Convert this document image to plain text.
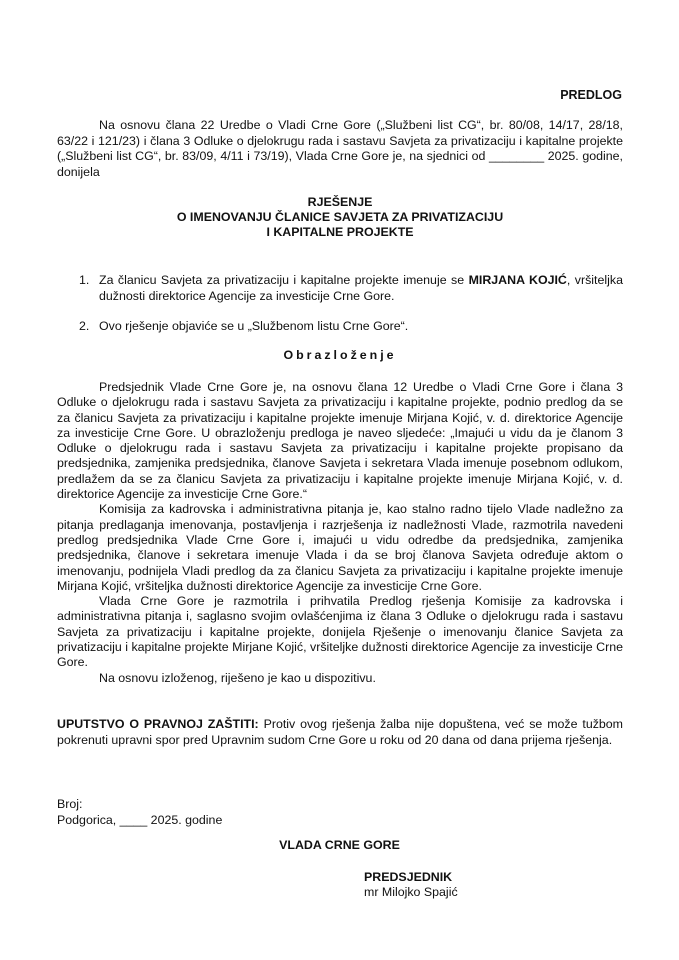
PREDLOG
Na osnovu člana 22 Uredbe o Vladi Crne Gore („Službeni list CG“, br. 80/08, 14/17, 28/18, 63/22 i 121/23) i člana 3 Odluke o djelokrugu rada i sastavu Savjeta za privatizaciju i kapitalne projekte („Službeni list CG“, br. 83/09, 4/11 i 73/19), Vlada Crne Gore je, na sjednici od ________ 2025. godine, donijela
RJEŠENJE
O IMENOVANJU ČLANICE SAVJETA ZA PRIVATIZACIJU
I KAPITALNE PROJEKTE
1. Za članicu Savjeta za privatizaciju i kapitalne projekte imenuje se MIRJANA KOJIĆ, vršiteljka dužnosti direktorice Agencije za investicije Crne Gore.
2. Ovo rješenje objaviće se u „Službenom listu Crne Gore“.
Obrazloženje

Predsjednik Vlade Crne Gore je, na osnovu člana 12 Uredbe o Vladi Crne Gore i člana 3 Odluke o djelokrugu rada i sastavu Savjeta za privatizaciju i kapitalne projekte, podnio predlog da se za članicu Savjeta za privatizaciju i kapitalne projekte imenuje Mirjana Kojić, v. d. direktorice Agencije za investicije Crne Gore. U obrazloženju predloga je naveo sljedeće: „Imajući u vidu da je članom 3 Odluke o djelokrugu rada i sastavu Savjeta za privatizaciju i kapitalne projekte propisano da predsjednika, zamjenika predsjednika, članove Savjeta i sekretara Vlada imenuje posebnom odlukom, predlažem da se za članicu Savjeta za privatizaciju i kapitalne projekte imenuje Mirjana Kojić, v. d. direktorice Agencije za investicije Crne Gore.“

Komisija za kadrovska i administrativna pitanja je, kao stalno radno tijelo Vlade nadležno za pitanja predlaganja imenovanja, postavljenja i razrješenja iz nadležnosti Vlade, razmotrila navedeni predlog predsjednika Vlade Crne Gore i, imajući u vidu odredbe da predsjednika, zamjenika predsjednika, članove i sekretara imenuje Vlada i da se broj članova Savjeta određuje aktom o imenovanju, podnijela Vladi predlog da za članicu Savjeta za privatizaciju i kapitalne projekte imenuje Mirjana Kojić, vršiteljka dužnosti direktorice Agencije za investicije Crne Gore.

Vlada Crne Gore je razmotrila i prihvatila Predlog rješenja Komisije za kadrovska i administrativna pitanja i, saglasno svojim ovlašćenjima iz člana 3 Odluke o djelokrugu rada i sastavu Savjeta za privatizaciju i kapitalne projekte, donijela Rješenje o imenovanju članice Savjeta za privatizaciju i kapitalne projekte Mirjane Kojić, vršiteljke dužnosti direktorice Agencije za investicije Crne Gore.

Na osnovu izloženog, riješeno je kao u dispozitivu.

UPUTSTVO O PRAVNOJ ZAŠTITI: Protiv ovog rješenja žalba nije dopuštena, već se može tužbom pokrenuti upravni spor pred Upravnim sudom Crne Gore u roku od 20 dana od dana prijema rješenja.
Broj:
Podgorica, ____ 2025. godine
VLADA CRNE GORE
PREDSJEDNIK
mr Milojko Spajić
